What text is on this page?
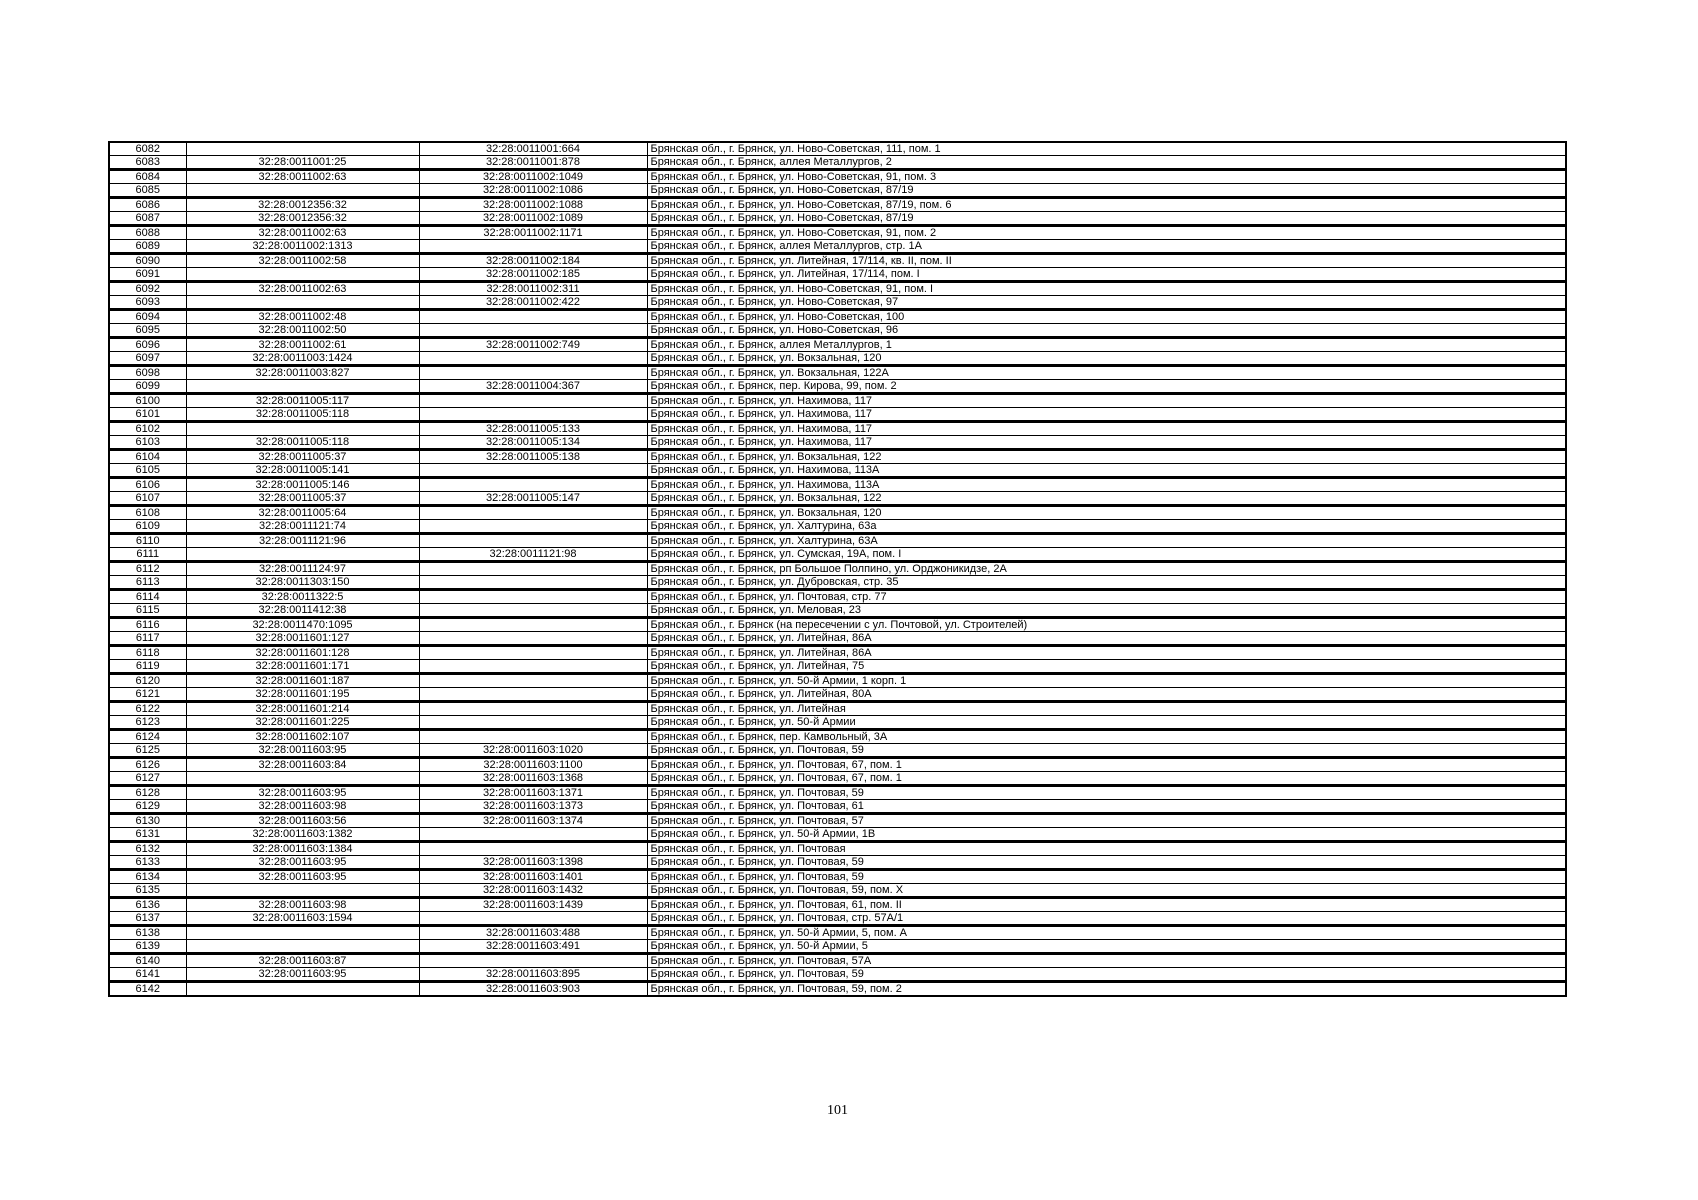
6082		32:28:0011001:664	Брянская обл., г. Брянск, ул. Ново-Советская, 111, пом. 1
6083	32:28:0011001:25	32:28:0011001:878	Брянская обл., г. Брянск, аллея Металлургов, 2
6084	32:28:0011002:63	32:28:0011002:1049	Брянская обл., г. Брянск, ул. Ново-Советская, 91, пом. 3
6085		32:28:0011002:1086	Брянская обл., г. Брянск, ул. Ново-Советская, 87/19
6086	32:28:0012356:32	32:28:0011002:1088	Брянская обл., г. Брянск, ул. Ново-Советская, 87/19, пом. 6
6087	32:28:0012356:32	32:28:0011002:1089	Брянская обл., г. Брянск, ул. Ново-Советская, 87/19
6088	32:28:0011002:63	32:28:0011002:1171	Брянская обл., г. Брянск, ул. Ново-Советская, 91, пом. 2
6089	32:28:0011002:1313		Брянская обл., г. Брянск, аллея Металлургов, стр. 1А
6090	32:28:0011002:58	32:28:0011002:184	Брянская обл., г. Брянск, ул. Литейная, 17/114, кв. II, пом. II
6091		32:28:0011002:185	Брянская обл., г. Брянск, ул. Литейная, 17/114, пом. I
6092	32:28:0011002:63	32:28:0011002:311	Брянская обл., г. Брянск, ул. Ново-Советская, 91, пом. I
6093		32:28:0011002:422	Брянская обл., г. Брянск, ул. Ново-Советская, 97
6094	32:28:0011002:48		Брянская обл., г. Брянск, ул. Ново-Советская, 100
6095	32:28:0011002:50		Брянская обл., г. Брянск, ул. Ново-Советская, 96
6096	32:28:0011002:61	32:28:0011002:749	Брянская обл., г. Брянск, аллея Металлургов, 1
6097	32:28:0011003:1424		Брянская обл., г. Брянск, ул. Вокзальная, 120
6098	32:28:0011003:827		Брянская обл., г. Брянск, ул. Вокзальная, 122А
6099		32:28:0011004:367	Брянская обл., г. Брянск, пер. Кирова, 99, пом. 2
6100	32:28:0011005:117		Брянская обл., г. Брянск, ул. Нахимова, 117
6101	32:28:0011005:118		Брянская обл., г. Брянск, ул. Нахимова, 117
6102		32:28:0011005:133	Брянская обл., г. Брянск, ул. Нахимова, 117
6103	32:28:0011005:118	32:28:0011005:134	Брянская обл., г. Брянск, ул. Нахимова, 117
6104	32:28:0011005:37	32:28:0011005:138	Брянская обл., г. Брянск, ул. Вокзальная, 122
6105	32:28:0011005:141		Брянская обл., г. Брянск, ул. Нахимова, 113А
6106	32:28:0011005:146		Брянская обл., г. Брянск, ул. Нахимова, 113А
6107	32:28:0011005:37	32:28:0011005:147	Брянская обл., г. Брянск, ул. Вокзальная, 122
6108	32:28:0011005:64		Брянская обл., г. Брянск, ул. Вокзальная, 120
6109	32:28:0011121:74		Брянская обл., г. Брянск, ул. Халтурина, 63а
6110	32:28:0011121:96		Брянская обл., г. Брянск, ул. Халтурина, 63А
6111		32:28:0011121:98	Брянская обл., г. Брянск, ул. Сумская, 19А, пом. I
6112	32:28:0011124:97		Брянская обл., г. Брянск, рп Большое Полпино, ул. Орджоникидзе, 2А
6113	32:28:0011303:150		Брянская обл., г. Брянск, ул. Дубровская, стр. 35
6114	32:28:0011322:5		Брянская обл., г. Брянск, ул. Почтовая, стр. 77
6115	32:28:0011412:38		Брянская обл., г. Брянск, ул. Меловая, 23
6116	32:28:0011470:1095		Брянская обл., г. Брянск (на пересечении с ул. Почтовой, ул. Строителей)
6117	32:28:0011601:127		Брянская обл., г. Брянск, ул. Литейная, 86А
6118	32:28:0011601:128		Брянская обл., г. Брянск, ул. Литейная, 86А
6119	32:28:0011601:171		Брянская обл., г. Брянск, ул. Литейная, 75
6120	32:28:0011601:187		Брянская обл., г. Брянск, ул. 50-й Армии, 1 корп. 1
6121	32:28:0011601:195		Брянская обл., г. Брянск, ул. Литейная, 80А
6122	32:28:0011601:214		Брянская обл., г. Брянск, ул. Литейная
6123	32:28:0011601:225		Брянская обл., г. Брянск, ул. 50-й Армии
6124	32:28:0011602:107		Брянская обл., г. Брянск, пер. Камвольный, 3А
6125	32:28:0011603:95	32:28:0011603:1020	Брянская обл., г. Брянск, ул. Почтовая, 59
6126	32:28:0011603:84	32:28:0011603:1100	Брянская обл., г. Брянск, ул. Почтовая, 67, пом. 1
6127		32:28:0011603:1368	Брянская обл., г. Брянск, ул. Почтовая, 67, пом. 1
6128	32:28:0011603:95	32:28:0011603:1371	Брянская обл., г. Брянск, ул. Почтовая, 59
6129	32:28:0011603:98	32:28:0011603:1373	Брянская обл., г. Брянск, ул. Почтовая, 61
6130	32:28:0011603:56	32:28:0011603:1374	Брянская обл., г. Брянск, ул. Почтовая, 57
6131	32:28:0011603:1382		Брянская обл., г. Брянск, ул. 50-й Армии, 1В
6132	32:28:0011603:1384		Брянская обл., г. Брянск, ул. Почтовая
6133	32:28:0011603:95	32:28:0011603:1398	Брянская обл., г. Брянск, ул. Почтовая, 59
6134	32:28:0011603:95	32:28:0011603:1401	Брянская обл., г. Брянск, ул. Почтовая, 59
6135		32:28:0011603:1432	Брянская обл., г. Брянск, ул. Почтовая, 59, пом. X
6136	32:28:0011603:98	32:28:0011603:1439	Брянская обл., г. Брянск, ул. Почтовая, 61, пом. II
6137	32:28:0011603:1594		Брянская обл., г. Брянск, ул. Почтовая, стр. 57А/1
6138		32:28:0011603:488	Брянская обл., г. Брянск, ул. 50-й Армии, 5, пом. А
6139		32:28:0011603:491	Брянская обл., г. Брянск, ул. 50-й Армии, 5
6140	32:28:0011603:87		Брянская обл., г. Брянск, ул. Почтовая, 57А
6141	32:28:0011603:95	32:28:0011603:895	Брянская обл., г. Брянск, ул. Почтовая, 59
6142		32:28:0011603:903	Брянская обл., г. Брянск, ул. Почтовая, 59, пом. 2
101
